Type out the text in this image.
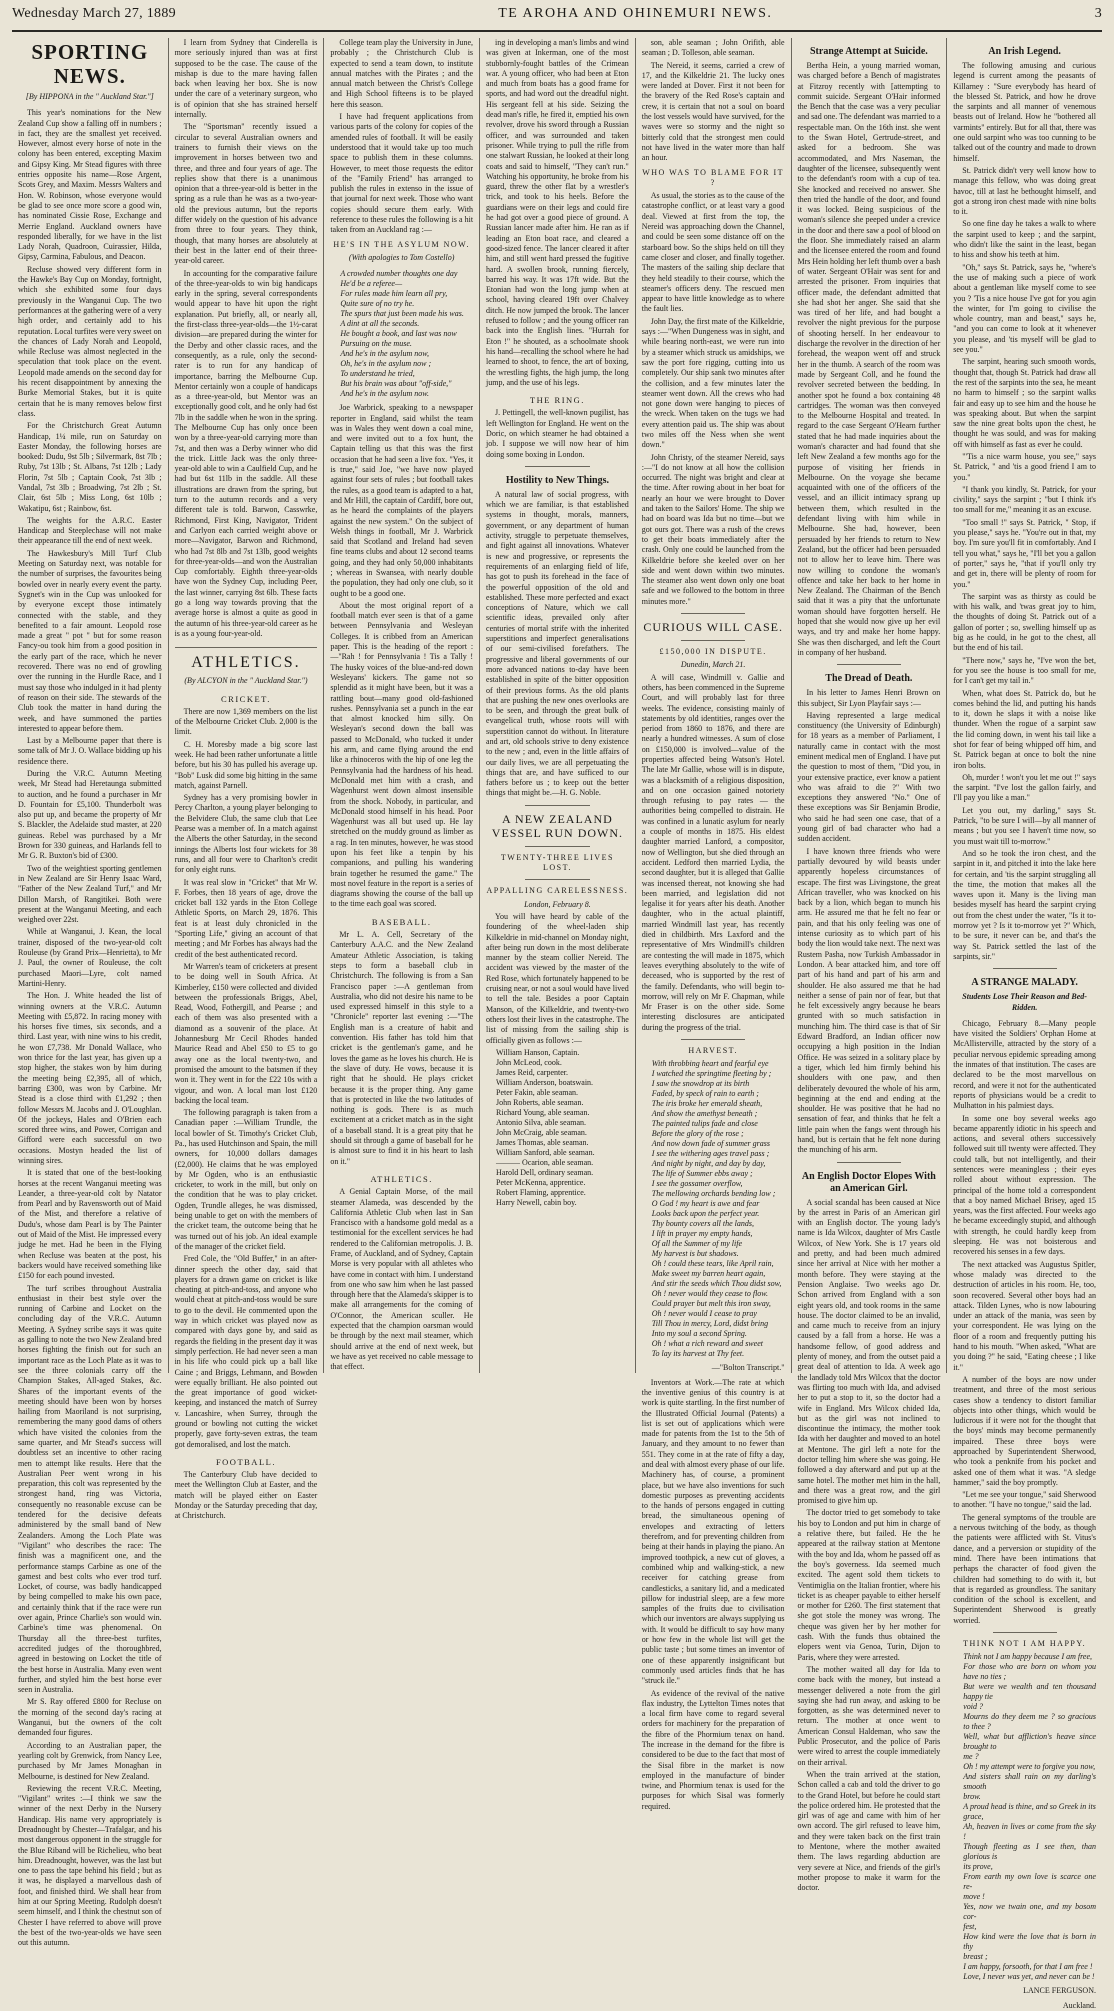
Wednesday March 27, 1889	TE AROHA AND OHINEMURI NEWS.	3
SPORTING NEWS.
[By HIPPONA in the " Auckland Star."]

This year's nominations for the New Zealand Cup show a falling off in numbers ; in fact, they are the smallest yet received. However, almost every horse of note in the colony has been entered, excepting Maxim and Gipsy King. Mr Stead figures with three entries opposite his name—Rose Argent, Scots Grey, and Maxim. Messrs Walters and Hon. W. Robinson, whose everyone would be glad to see once more score a good win, has nominated Cissie Rose, Exchange and Merrie England. Auckland owners have responded liberally, for we have in the list Lady Norah, Quadroon, Cuirassier, Hilda, Gipsy, Carmina, Fabulous, and Deacon.

Recluse showed very different form in the Hawke's Bay Cup on Monday, fortnight, which she exhibited some four days previously in the Wanganui Cup. The two performances at the gathering were of a very high order, and certainly add to his reputation. Local turfites were very sweet on the chances of Lady Norah and Leopold, while Recluse was almost neglected in the speculation that took place on the event. Leopold made amends on the second day for his recent disappointment by annexing the Burke Memorial Stakes, but it is quite certain that he is many removes below first class.

For the Christchurch Great Autumn Handicap, 1¼ mile, run on Saturday on Easter Monday, the following horses are booked: Dudu, 9st 5lb ; Silvermark, 8st 7lb ; Ruby, 7st 13lb ; St. Albans, 7st 12lb ; Lady Florin, 7st 5lb ; Captain Cook, 7st 3lb ; Vandal, 7st 3lb ; Broadwing, 7st 2lb ; St. Clair, 6st 5lb ; Miss Long, 6st 10lb ; Wakatipu, 6st ; Rainbow, 6st.

The weights for the A.R.C. Easter Handicap and Steeplechase will not make their appearance till the end of next week.

The Hawkesbury's Mill Turf Club Meeting on Saturday next, was notable for the number of surprises, the favourites being bowled over in nearly every event the party. Sygnet's win in the Cup was unlooked for by everyone except those intimately connected with the stable, and they benefited to a fair amount. Leopold rose made a great " pot " but for some reason Fancy-ou took him from a good position in the early part of the race, which he never recovered. There was no end of growling over the running in the Hurdle Race, and I must say those who indulged in it had plenty of reason on their side. The stewards of the Club took the matter in hand during the week, and have summoned the parties interested to appear before them.

Last by a Melbourne paper that there is some talk of Mr J. O. Wallace bidding up his residence there.

During the V.R.C. Autumn Meeting week, Mr Stead had Heretaunga submitted to auction, and he found a purchaser in Mr D. Fountain for £5,100. Thunderbolt was also put up, and became the property of Mr S. Blackler, the Adelaide stud master, at 220 guineas. Rebel was purchased by a Mr Brown for 330 guineas, and Harlands fell to Mr G. R. Buxton's bid of £300.

Two of the weightiest sporting gentlemen in New Zealand are Sir Henry Isaac Ward, "Father of the New Zealand Turf," and Mr Dillon Marsh, of Rangitikei. Both were present at the Wanganui Meeting, and each weighed over 22st.

While at Wanganui, J. Kean, the local trainer, disposed of the two-year-old colt Rouleuse (by Grand Prix—Henrietta), to Mr J. Paul, the owner of Rouleuse, the colt purchased Maori—Lyre, colt named Martini-Henry.

The Hon. J. White headed the list of winning owners at the V.R.C. Autumn Meeting with £5,872. In racing money with his horses five times, six seconds, and a third. Last year, with nine wins to his credit, he won £7,738. Mr Donald Wallace, who won thrice for the last year, has given up a stop higher, the stakes won by him during the meeting being £2,395, all of which, barring £300, was won by Carbine. Mr Stead is a close third with £1,292 ; then follow Messrs M. Jacobs and J. O'Loughlan. Of the jockeys, Hales and O'Brien each scored three wins, and Power, Corrigan and Gifford were each successful on two occasions. Mostyn headed the list of winning sires.

It is stated that one of the best-looking horses at the recent Wanganui meeting was Leander, a three-year-old colt by Natator from Pearl and by Ravensworth out of Maid of the Mist, and therefore a relative of Dudu's, whose dam Pearl is by The Painter out of Maid of the Mist. He impressed every judge he met. Had he been in the Flying when Recluse was beaten at the post, his backers would have received something like £150 for each pound invested.

The turf scribes throughout Australia enthusiast in their best style over the running of Carbine and Locket on the concluding day of the V.R.C. Autumn Meeting. A Sydney scribe says it was quite as galling to note the two New Zealand bred horses fighting the finish out for such an important race as the Loch Plate as it was to see the three colonials carry off the Champion Stakes, All-aged Stakes, &c. Shares of the important events of the meeting should have been won by horses hailing from Maoriland is not surprising, remembering the many good dams of others which have visited the colonies from the same quarter, and Mr Stead's success will doubtless set an incentive to other racing men to attempt like results. Here that the Australian Peer went wrong in his preparation, this colt was represented by the strongest hand, ring was Victoria, consequently no reasonable excuse can be tendered for the decisive defeats administered by the small band of New Zealanders. Among the Loch Plate was "Vigilant" who describes the race: The finish was a magnificent one, and the performance stamps Carbine as one of the gamest and best colts who ever trod turf. Locket, of course, was badly handicapped by being compelled to make his own pace, and certainly think that if the race were run over again, Prince Charlie's son would win. Carbine's time was phenomenal. On Thursday all the three-best turfites, accredited judges of the thoroughbred, agreed in bestowing on Locket the title of the best horse in Australia. Many even went further, and styled him the best horse ever seen in Australia.

Mr S. Ray offered £800 for Recluse on the morning of the second day's racing at Wanganui, but the owners of the colt demanded four figures.

According to an Australian paper, the yearling colt by Grenwick, from Nancy Lee, purchased by Mr James Monaghan in Melbourne, is destined for New Zealand.

Reviewing the recent V.R.C. Meeting, "Vigilant" writes :—I think we saw the winner of the next Derby in the Nursery Handicap. His name very appropriately is Dreadnought by Chester—Trafalgar, and his most dangerous opponent in the struggle for the Blue Riband will be Richelieu, who beat him. Dreadnought, however, was the last but one to pass the tape behind his field ; but as it was, he displayed a marvellous dash of foot, and finished third. We shall hear from him at our Spring Meeting. Rudolph doesn't seem himself, and I think the chestnut son of Chester I have referred to above will prove the best of the two-year-olds we have seen out this autumn.

I learn from Sydney that Cinderella is more seriously injured than was at first supposed to be the case. The cause of the mishap is due to the mare having fallen back when leaving her box. She is now under the care of a veterinary surgeon, who is of opinion that she has strained herself internally.

The "Sportsman" recently issued a circular to several Australian owners and trainers to furnish their views on the improvement in horses between two and three, and three and four years of age. The replies show that there is a unanimous opinion that a three-year-old is better in the spring as a rule than he was as a two-year-old the previous autumn, but the reports differ widely on the question of his advance from three to four years. They think, though, that many horses are absolutely at their best in the latter end of their three-year-old career.

In accounting for the comparative failure of the three-year-olds to win big handicaps early in the spring, several correspondents would appear to have hit upon the right explanation. Put briefly, all, or nearly all, the first-class three-year-olds—the 1½-carat division—are prepared during the winter for the Derby and other classic races, and the consequently, as a rule, only the second-rater is to run for any handicap of importance, barring the Melbourne Cup. Mentor certainly won a couple of handicaps as a three-year-old, but Mentor was an exceptionally good colt, and he only had 6st 7lb in the saddle when he won in the spring. The Melbourne Cup has only once been won by a three-year-old carrying more than 7st, and then was a Derby winner who did the trick. Little Jack was the only three-year-old able to win a Caulfield Cup, and he had but 6st 11lb in the saddle. All these illustrations are drawn from the spring, but turn to the autumn records and a very different tale is told. Barwon, Casswrke, Richmond, First King, Navigator, Trident and Carlyon each carried weight above or more—Navigator, Barwon and Richmond, who had 7st 8lb and 7st 13lb, good weights for three-year-olds—and won the Australian Cup comfortably. Eighth three-year-olds have won the Sydney Cup, including Peer, the last winner, carrying 8st 6lb. These facts go a long way towards proving that the average horse is almost a quite as good in the autumn of his three-year-old career as he is as a young four-year-old.

ATHLETICS.
(By ALCYON in the " Auckland Star.")
CRICKET.

There are now 1,369 members on the list of the Melbourne Cricket Club. 2,000 is the limit.

C. H. Moresby made a big score last week. He had been rather unfortunate a little before, but his 30 has pulled his average up. "Bob" Lusk did some big hitting in the same match, against Parnell.

Sydney has a very promising bowler in Percy Charlton, a young player belonging to the Belvidere Club, the same club that Lee Pearse was a member of. In a match against the Alberts the other Saturday, in the second innings the Alberts lost four wickets for 38 runs, and all four were to Charlton's credit for only eight runs.

It was real slow in "Cricket" that Mr W. F. Forbes, then 18 years of age, drove the cricket ball 132 yards in the Eton College Athletic Sports, on March 29, 1876. This feat is at least duly chronicled in the "Sporting Life," giving an account of that meeting ; and Mr Forbes has always had the credit of the best authenticated record.

Mr Warren's team of cricketers at present to be doing well in South Africa. At Kimberley, £150 were collected and divided between the professionals Briggs, Abel, Read, Wood, Fothergill, and Pearse ; and each of them was also presented with a diamond as a souvenir of the place. At Johannesburg Mr Cecil Rhodes handed Maurice Read and Abel £50 to £5 to go away one as the local twenty-two, and promised the amount to the batsmen if they won it. They went in for the £22 10s with a vigour, and won. A local man lost £120 backing the local team.

The following paragraph is taken from a Canadian paper :—William Trundle, the local bowler of St. Timothy's Cricket Club, Pa., has used Hutchinson and Spain, the mill owners, for 10,000 dollars damages (£2,000). He claims that he was employed by Mr Ogden, who is an enthusiastic cricketer, to work in the mill, but only on the condition that he was to play cricket. Ogden, Trundle alleges, he was dismissed, being unable to get on with the members of the cricket team, the outcome being that he was turned out of his job. An ideal example of the manager of the cricket field.

Fred Cole, the "Old Buffer," in an after-dinner speech the other day, said that players for a drawn game on cricket is like cheating at pitch-and-toss, and anyone who would cheat at pitch-and-toss would be sure to go to the devil. He commented upon the way in which cricket was played now as compared with days gone by, and said as regards the fielding in the present day it was simply perfection. He had never seen a man in his life who could pick up a ball like Caine ; and Briggs, Lehmann, and Bowden were equally brilliant. He also pointed out the great importance of good wicket-keeping, and instanced the match of Surrey v. Lancashire, when Surrey, through the ground or bowling not cutting the wicket properly, gave forty-seven extras, the team got demoralised, and lost the match.

FOOTBALL.

The Canterbury Club have decided to meet the Wellington Club at Easter, and the match will be played either on Easter Monday or the Saturday preceding that day, at Christchurch.

College team play the University in June, probably ; the Christchurch Club is expected to send a team down, to institute annual matches with the Pirates ; and the annual match between the Christ's College and High School fifteens is to be played here this season.

I have had frequent applications from various parts of the colony for copies of the amended rules of football. It will be easily understood that it would take up too much space to publish them in these columns. However, to meet those requests the editor of the "Family Friend" has arranged to publish the rules in extenso in the issue of that journal for next week. Those who want copies should secure them early. With reference to these rules the following is a hit taken from an Auckland rag :—

HE'S IN THE ASYLUM NOW.
(With apologies to Tom Costello)
A crowded number thoughts one day
He'd be a referee—
For rules made him learn all pry,
Quite sure of no try he.
The spurs that just been made his was.
A dint at all the seconds.
He bought a book, and last was now
Pursuing on the muse.
And he's in the asylum now,
Oh, he's in the asylum now ;
To understand he tried,
But his brain was about "off-side,"
And he's in the asylum now.

Joe Warbrick, speaking to a newspaper reporter in England, said whilst the team was in Wales they went down a coal mine, and were invited out to a fox hunt, the Captain telling us that this was the first occasion that he had seen a live fox. "Yes, it is true," said Joe, "we have now played against four sets of rules ; but football takes the rules, as a good team is adapted to a hat, and Mr Hill, the captain of Cardiff, bore out, as he heard the complaints of the players against the new system." On the subject of Welsh things in football, Mr J. Warbrick said that Scotland and Ireland had seven fine teams clubs and about 12 second teams going, and they had only 50,000 inhabitants ; whereas in Swansea, with nearly double the population, they had only one club, so it ought to be a good one.

About the most original report of a football match ever seen is that of a game between Pennsylvania and Wesleyan Colleges. It is cribbed from an American paper. This is the heading of the report :—"Rah ! for Pennsylvania ! Tis a Tally ! The husky voices of the blue-and-red down Wesleyans' kickers. The game not so splendid as it might have been, but it was a rattling bout—many good old-fashioned rushes. Pennsylvania set a punch in the ear that almost knocked him silly. On Wesleyan's second down the ball was passed to McDonald, who tucked it under his arm, and came flying around the end like a rhinoceros with the hip of one leg the Pennsylvania had the hardness of his head. McDonald met him with a crash, and Wagenhurst went down almost insensible from the shock. Nobody, in particular, and McDonald stood himself in his head. Poor Wagenhurst was all but used up. He lay stretched on the muddy ground as limber as a rag. In ten minutes, however, he was stood upon his feet like a tenpin by his companions, and pulling his wandering brain together he resumed the game." The most novel feature in the report is a series of diagrams showing the course of the ball up to the time each goal was scored.

BASEBALL.

Mr L. A. Cell, Secretary of the Canterbury A.A.C. and the New Zealand Amateur Athletic Association, is taking steps to form a baseball club in Christchurch. The following is from a San Francisco paper :—A gentleman from Australia, who did not desire his name to be used expressed himself in this style to a "Chronicle" reporter last evening :—"The English man is a creature of habit and convention. His father has told him that cricket is the gentleman's game, and he loves the game as he loves his church. He is the slave of duty. He vows, because it is right that he should. He plays cricket because it is the proper thing. Any game that is protected in like the two latitudes of nothing is gods. There is as much excitement at a cricket match as in the sight of a baseball stand. It is a great pity that he should sit through a game of baseball for he is almost sure to find it in his heart to lash on it."

ATHLETICS.

A Genial Captain Morse, of the mail steamer Alameda, was descended by the California Athletic Club when last in San Francisco with a handsome gold medal as a testimonial for the excellent services he had rendered to the Californian metropolis. J. B. Frame, of Auckland, and of Sydney, Captain Morse is very popular with all athletes who have come in contact with him. I understand from one who saw him when he last passed through here that the Alameda's skipper is to make all arrangements for the coming of O'Connor, the American sculler. He expected that the champion oarsman would be through by the next mail steamer, which should arrive at the end of next week, but we have as yet received no cable message to that effect.

ing in developing a man's limbs and wind was given at Inkerman, one of the most stubbornly-fought battles of the Crimean war. A young officer, who had been at Eton and much from boats has a good frame for sports, and had word out the dreadful night. His sergeant fell at his side. Seizing the dead man's rifle, he fired it, emptied his own revolver, drove his sword through a Russian officer, and was surrounded and taken prisoner. While trying to pull the rifle from one stalwart Russian, he looked at their long coats and said to himself, "They can't run." Watching his opportunity, he broke from his guard, threw the other flat by a wrestler's trick, and took to his heels. Before the guardians were on their legs and could fire he had got over a good piece of ground. A Russian lancer made after him. He ran as if leading an Eton boat race, and cleared a good-sized fence. The lancer cleared it after him, and still went hard pressed the fugitive hard. A swollen brook, running fiercely, barred his way. It was 17ft wide. But the Etonian had won the long jump when at school, having cleared 19ft over Chalvey ditch. He now jumped the brook. The lancer refused to follow ; and the young officer ran back into the English lines. "Hurrah for Eton !" he shouted, as a schoolmate shook his hand—recalling the school where he had learned to shoot, to fence, the art of boxing, the wrestling fights, the high jump, the long jump, and the use of his legs.

THE RING.

J. Pettingell, the well-known pugilist, has left Wellington for England. He went on the Doric, on which steamer he had obtained a job. I suppose we will now hear of him doing some boxing in London.

Hostility to New Things.

A natural law of social progress, with which we are familiar, is that established systems in thought, morals, manners, government, or any department of human activity, struggle to perpetuate themselves, and fight against all innovations. Whatever is new and progressive, or represents the requirements of an enlarging field of life, has got to push its forehead in the face of the powerful opposition of the old and established. These more perfected and exact conceptions of Nature, which we call scientific ideas, prevailed only after centuries of mortal strife with the inherited superstitions and imperfect generalisations of our semi-civilised forefathers. The progressive and liberal governments of our more advanced nations to-day have been established in spite of the bitter opposition of their previous forms. As the old plants that are pushing the new ones overlooks are to be seen, and through the great bulk of evangelical truth, whose roots will with superstition cannot do without. In literature and art, old schools strive to deny existence to the new ; and, even in the little affairs of our daily lives, we are all perpetuating the things that are, and have sufficed to our fathers before us ; to keep out the better things that might be.—H. G. Noble.

A NEW ZEALAND VESSEL RUN DOWN.
TWENTY-THREE LIVES LOST.
APPALLING CARELESSNESS.
London, February 8.

You will have heard by cable of the foundering of the wheel-laden ship Kilkeldrie in mid-channel on Monday night, after being run down in the most deliberate manner by the steam collier Nereid. The accident was viewed by the master of the Red Rose, which fortunately happened to be cruising near, or not a soul would have lived to tell the tale. Besides a poor Captain Manson, of the Kilkeldrie, and twenty-two others lost their lives in the catastrophe. The list of missing from the sailing ship is officially given as follows :—

William Hanson, Captain.
John McLeod, cook.
James Reid, carpenter.
William Anderson, boatswain.
Peter Fakin, able seaman.
John Roberts, able seaman.
Richard Young, able seaman.
Antonio Silva, able seaman.
John McCraig, able seaman.
James Thomas, able seaman.
William Sanford, able seaman.
——— Ocarion, able seaman.
Harold Dell, ordinary seaman.
Peter McKenna, apprentice.
Robert Flaming, apprentice.
Harry Newell, cabin boy.

son, able seaman ; John Orifith, able seaman ; D. Tolleson, able seaman.

The Nereid, it seems, carried a crew of 17, and the Kilkeldrie 21. The lucky ones were landed at Dover. First it not been for the bravery of the Red Rose's captain and crew, it is certain that not a soul on board the lost vessels would have survived, for the waves were so stormy and the night so bitterly cold that the strongest men could not have lived in the water more than half an hour.

WHO WAS TO BLAME FOR IT ?

As usual, the stories as to the cause of the catastrophe conflict, or at least vary a good deal. Viewed at first from the top, the Nereid was approaching down the Channel, and could be seen some distance off on the starboard bow. So the ships held on till they came closer and closer, and finally together. The masters of the sailing ship declare that they held steadily to their course, which the steamer's officers deny. The rescued men appear to have little knowledge as to where the fault lies.

John Day, the first mate of the Kilkeldrie, says :—"When Dungeness was in sight, and while bearing north-east, we were run into by a steamer which struck us amidships, we saw the port fore rigging, cutting into us completely. Our ship sank two minutes after the collision, and a few minutes later the steamer went down. All the crews who had not gone down were hanging to pieces of the wreck. When taken on the tugs we had every attention paid us. The ship was about two miles off the Ness when she went down."

John Christy, of the steamer Nereid, says :—"I do not know at all how the collision occurred. The night was bright and clear at the time. After rowing about in her boat for nearly an hour we were brought to Dover and taken to the Sailors' Home. The ship we had on board was Ida but no time—but we got ours got. There was a rush of the crews to get their boats immediately after the crash. Only one could be launched from the Kilkeldrie before she keeled over on her side and went down within two minutes. The steamer also went down only one boat safe and we followed to the bottom in three minutes more."

CURIOUS WILL CASE.
£150,000 IN DISPUTE.
Dunedin, March 21.

A will case, Windmill v. Gallie and others, has been commenced in the Supreme Court, and will probably last for three weeks. The evidence, consisting mainly of statements by old identities, ranges over the period from 1860 to 1876, and there are nearly a hundred witnesses. A sum of close on £150,000 is involved—value of the properties affected being Watson's Hotel. The late Mr Gallie, whose will is in dispute, was a blacksmith of a religious disposition, and on one occasion gained notoriety through refusing to pay rates — the authorities being compelled to distrain. He was confined in a lunatic asylum for nearly a couple of months in 1875. His eldest daughter married Lanford, a compositor, now of Wellington, but she died through an accident. Ledford then married Lydia, the second daughter, but it is alleged that Gallie was incensed thereat, not knowing she had been married, and legislation did not legalise it for years after his death. Another daughter, who in the actual plaintiff, married Windmill last year, has recently died in childbirth. Mrs Laxford and the representative of Mrs Windmill's children are contesting the will made in 1875, which leaves everything absolutely to the wife of deceased, who is supported by the rest of the family. Defendants, who will begin to-morrow, will rely on Mr F. Chapman, while Mr Fraser is on the other side. Some interesting disclosures are anticipated during the progress of the trial.

HARVEST.
With throbbing heart and fearful eye
I watched the springtime fleeting by ;
I saw the snowdrop at its birth
Faded, by speck of rain to earth ;
The iris broke her emerald sheath,
And show the amethyst beneath ;
The painted tulips fade and close
Before the glory of the rose ;
And now down fade of summer grass
I see the withering ages travel pass ;
And night by night, and day by day,
The life of Summer ebbs away ;
I see the gossamer overflow,
The mellowing orchards bending low ;
O God ! my heart is awe and fear
Looks back upon the perfect year.
Thy bounty covers all the lands,
I lift in prayer my empty hands,
Of all the Summer of my life
My harvest is but shadows.
Oh ! could these tears, like April rain,
Make sweet my barren heart again,
And stir the seeds which Thou didst sow,
Oh ! never would they cease to flow.
Could prayer but melt this iron sway,
Oh ! never would I cease to pray
Till Thou in mercy, Lord, didst bring
Into my soul a second Spring.
Oh ! what a rich reward and sweet
To lay its harvest at Thy feet.
—"Bolton Transcript."

Inventors at Work.—The rate at which the inventive genius of this country is at work is quite startling. In the first number of the Illustrated Official Journal (Patents) a list is set out of applications which were made for patents from the 1st to the 5th of January, and they amount to no fewer than 551. They come in at the rate of fifty a day, and deal with almost every phase of our life. Machinery has, of course, a prominent place, but we have also inventions for such domestic purposes as preventing accidents to the hands of persons engaged in cutting bread, the simultaneous opening of envelopes and extracting of letters therefrom, and for preventing children from being at their hands in playing the piano. An improved toothpick, a new cut of gloves, a combined whip and walking-stick, a new receiver for catching grease from candlesticks, a sanitary lid, and a medicated pillow for industrial sleep, are a few more samples of the fruits due to civilisation which our inventors are always supplying us with. It would be difficult to say how many or how few in the whole list will get the public taste ; but some times an inventor of one of these apparently insignificant but commonly used articles finds that he has "struck ile."

As evidence of the revival of the native flax industry, the Lyttelton Times notes that a local firm have come to regard several orders for machinery for the preparation of the fibre of the Phormium tenax on hand. The increase in the demand for the fibre is considered to be due to the fact that most of the Sisal fibre in the market is now employed in the manufacture of binder twine, and Phormium tenax is used for the purposes for which Sisal was formerly required.

Strange Attempt at Suicide.

Bertha Hein, a young married woman, was charged before a Bench of magistrates at Fitzroy recently with [attempting to commit suicide. Sergeant O'Hair informed the Bench that the case was a very peculiar and sad one. The defendant was married to a respectable man. On the 16th inst. she went to the Swan Hotel, Gertrude-street, and asked for a bedroom. She was accommodated, and Mrs Naseman, the daughter of the licensee, subsequently went to the defendant's room with a cup of tea. She knocked and received no answer. She then tried the handle of the door, and found it was locked. Being suspicious of the woman's silence she peeped under a crevice in the door and there saw a pool of blood on the floor. She immediately raised an alarm and the licensee entered the room and found Mrs Hein holding her left thumb over a bash of water. Sergeant O'Hair was sent for and arrested the prisoner. From inquiries that officer made, the defendant admitted that she had shot her anger. She said that she was tired of her life, and had bought a revolver the night previous for the purpose of shooting herself. In her endeavour to discharge the revolver in the direction of her forehead, the weapon went off and struck her in the thumb. A search of the room was made by Sergeant Coll, and he found the revolver secreted between the bedding. In another spot he found a box containing 48 cartridges. The woman was then conveyed to the Melbourne Hospital and treated. In regard to the case Sergeant O'Hearn further stated that he had made inquiries about the woman's character and had found that she left New Zealand a few months ago for the purpose of visiting her friends in Melbourne. On the voyage she became acquainted with one of the officers of the vessel, and an illicit intimacy sprang up between them, which resulted in the defendant living with him while in Melbourne. She had, however, been persuaded by her friends to return to New Zealand, but the officer had been persuaded not to allow her to leave him. There was now willing to condone the woman's offence and take her back to her home in New Zealand. The Chairman of the Bench said that it was a pity that the unfortunate woman should have forgotten herself. He hoped that she would now give up her evil ways, and try and make her home happy. She was then discharged, and left the Court in company of her husband.

The Dread of Death.

In his letter to James Henri Brown on this subject, Sir Lyon Playfair says :—

Having represented a large medical constituency (the University of Edinburgh) for 18 years as a member of Parliament, I naturally came in contact with the most eminent medical men of England. I have put the question to most of them, "Did you, in your extensive practice, ever know a patient who was afraid to die ?" With two exceptions they answered "No." One of these exceptions was Sir Benjamin Brodie, who said he had seen one case, that of a young girl of bad character who had a sudden accident.

I have known three friends who were partially devoured by wild beasts under apparently hopeless circumstances of escape. The first was Livingstone, the great African traveller, who was knocked on his back by a lion, which began to munch his arm. He assured me that he felt no fear or pain, and that his only feeling was one of intense curiosity as to which part of his body the lion would take next. The next was Rustem Pasha, now Turkish Ambassador in London. A bear attacked him, and tore off part of his hand and part of his arm and shoulder. He also assured me that he had neither a sense of pain nor of fear, but that he felt excessively angry because he bears grunted with so much satisfaction in munching him. The third case is that of Sir Edward Bradford, an Indian officer now occupying a high position in the Indian Office. He was seized in a solitary place by a tiger, which led him firmly behind his shoulders with one paw, and then deliberately devoured the whole of his arm, beginning at the end and ending at the shoulder. He was positive that he had no sensation of fear, and thinks that he felt a little pain when the fangs went through his hand, but is certain that he felt none during the munching of his arm.

An English Doctor Elopes With an American Girl.

A social scandal has been caused at Nice by the arrest in Paris of an American girl with an English doctor. The young lady's name is Ida Wilcox, daughter of Mrs Castle Wilcox, of New York. She is 17 years old and pretty, and had been much admired since her arrival at Nice with her mother a month before. They were staying at the Pension Anglaise. Two weeks ago Dr. Schon arrived from England with a son eight years old, and took rooms in the same house. The doctor claimed to be an invalid, and came much to receive from an injury caused by a fall from a horse. He was a handsome fellow, of good address and plenty of money, and from the outset paid a great deal of attention to Ida. A week ago the landlady told Mrs Wilcox that the doctor was flirting too much with Ida, and advised her to put a stop to it, so the doctor had a wife in England. Mrs Wilcox chided Ida, but as the girl was not inclined to discontinue the intimacy, the mother took Ida with her daughter and moved to an hotel at Mentone. The girl left a note for the doctor telling him where she was going. He followed a day afterward and put up at the same hotel. The mother met him in the hall, and there was a great row, and the girl promised to give him up.

The doctor tried to get somebody to take his boy to London and put him in charge of a relative there, but failed. He the he appeared at the railway station at Mentone with the boy and Ida, whom he passed off as the boy's governess. Ida seemed much excited. The agent sold them tickets to Ventimiglia on the Italian frontier, where his ticket is as cheaper payable to either herself or mother for £260. The first statement that she got stole the money was wrong. The cheque was given her by her mother for cash. With the funds thus obtained the elopers went via Genoa, Turin, Dijon to Paris, where they were arrested.

The mother waited all day for Ida to come back with the money, but instead a messenger delivered a note from the girl saying she had run away, and asking to be forgotten, as she was determined never to return. The mother at once went to American Consul Haldeman, who saw the Public Prosecutor, and the police of Paris were wired to arrest the couple immediately on their arrival.

When the train arrived at the station, Schon called a cab and told the driver to go to the Grand Hotel, but before he could start the police ordered him. He protested that the girl was of age and came with him of her own accord. The girl refused to leave him, and they were taken back on the first train to Mentone, where the mother awaited them. The laws regarding abduction are very severe at Nice, and friends of the girl's mother propose to make it warm for the doctor.

An Irish Legend.

The following amusing and curious legend is current among the peasants of Killarney : "Sure everybody has heard of the blessed St. Patrick, and how he drove the sarpints and all manner of venemous beasts out of Ireland. How he "bothered all varmints" entirely. But for all that, there was one ould sarpint who was too cunning to be talked out of the country and made to drown himself.

St. Patrick didn't very well know how to manage this fellow, who was doing great havoc, till at last he bethought himself, and got a strong iron chest made with nine bolts to it.

So one fine day he takes a walk to where the sarpint used to keep ; and the sarpint, who didn't like the saint in the least, began to hiss and show his teeth at him.

"Oh," says St. Patrick, says he, "where's the use of making such a piece of work about a gentleman like myself come to see you ? 'Tis a nice house I've got for you agin the winter, for I'm going to civilise the whole country, man and beast," says he, "and you can come to look at it whenever you please, and 'tis myself will be glad to see you."

The sarpint, hearing such smooth words, thought that, though St. Patrick had draw all the rest of the sarpints into the sea, he meant no harm to himself ; so the sarpint walks fair and easy up to see him and the house he was speaking about. But when the sarpint saw the nine great bolts upon the chest, he thought he was sould, and was for making off with himself as fast as ever he could.

"'Tis a nice warm house, you see," says St. Patrick, " and 'tis a good friend I am to you."

"I thank you kindly, St. Patrick, for your civility," says the sarpint ; "but I think it's too small for me," meaning it as an excuse.

"Too small !" says St. Patrick, " Stop, if you please," says he. "You're out in that, my boy. I'm sure you'll fit in comfortably. And I tell you what," says he, "I'll bet you a gallon of porter," says he, "that if you'll only try and get in, there will be plenty of room for you."

The sarpint was as thirsty as could be with his walk, and 'twas great joy to him, the thoughts of doing St. Patrick out of a gallon of porter ; so, swelling himself up as big as he could, in he got to the chest, all but the end of his tail.

"There now," says he, "I've won the bet, for you see the house is too small for me, for I can't get my tail in."

When, what does St. Patrick do, but he comes behind the lid, and putting his hands to it, down he slaps it with a noise like thunder. When the rogue of a sarpint saw the lid coming down, in went his tail like a shot for fear of being whipped off him, and St. Patrick began at once to bolt the nine iron bolts.

Oh, murder ! won't you let me out !" says the sarpint. "I've lost the gallon fairly, and I'll pay you like a man."

Let you out, my darling," says St. Patrick, "to be sure I will—by all manner of means ; but you see I haven't time now, so you must wait till to-morrow."

And so he took the iron chest, and the sarpint in it, and pitched it into the lake here for certain, and 'tis the sarpint struggling all the time, the motion that makes all the waves upon it. Many is the living man besides myself has heard the sarpint crying out from the chest under the water, "Is it to-morrow yet ? Is it to-morrow yet ?" Which, to be sure, it never can be, and that's the way St. Patrick settled the last of the sarpints, sir."

A STRANGE MALADY.
Students Lose Their Reason and Bed-Ridden.

Chicago, February 8.—Many people have visited the Soldiers' Orphan Home at McAllisterville, attracted by the story of a peculiar nervous epidemic spreading among the inmates of that institution. The cases are declared to be the most marvellous on record, and were it not for the authenticated reports of physicians would be a credit to Mulhatton in his palmiest days.

In some one boy several weeks ago became apparently idiotic in his speech and actions, and several others successively followed suit till twenty were affected. They could talk, but not intelligently, and their sentences were meaningless ; their eyes rolled about without expression. The principal of the home told a correspondent that a boy named Michael Brisey, aged 15 years, was the first affected. Four weeks ago he became exceedingly stupid, and although with strength, he could hardly keep from sleeping. He was not boisterous and recovered his senses in a few days.

The next attacked was Augustus Spitler, whose malady was directed to the destruction of articles in his room. He, too, soon recovered. Several other boys had an attack. Tilden Lynes, who is now labouring under an attack of the mania, was seen by your correspondent. He was lying on the floor of a room and frequently putting his hand to his mouth. "When asked, "What are you doing ?" he said, "Eating cheese ; I like it."

A number of the boys are now under treatment, and three of the most serious cases show a tendency to distort familiar objects into other things, which would be ludicrous if it were not for the thought that the boys' minds may become permanently impaired. These three boys were approached by Superintendent Sherwood, who took a penknife from his pocket and asked one of them what it was. "A sledge hammer," said the boy promptly.

"Let me see your tongue," said Sherwood to another. "I have no tongue," said the lad.

The general symptoms of the trouble are a nervous twitching of the body, as though the patients were afflicted with St. Vitus's dance, and a perversion or stupidity of the mind. There have been intimations that perhaps the character of food given the children had something to do with it, but that is regarded as groundless. The sanitary condition of the school is excellent, and Superintendent Sherwood is greatly worried.

THINK NOT I AM HAPPY.
Think not I am happy because I am free,
For those who are born on whom you have no ties ;
But were we wealth and ten thousand happy tie
void ?
Mourns do they deem me ? so gracious to thee ?
Well, what but affliction's heave since brought to
me ?
Oh ! my attempt were to forgive you now,
And sisters shall rain on my darling's smooth
brow.
A proud head is thine, and so Greek in its
grace,
Ah, heaven in lives or come from the sky !
Though fleeting as I see then, than glorious is
its prove,
From earth my own love is scarce one re-
move !
Yes, now we twain one, and my bosom cor-
fest,
How kind were the love that is born in thy
breast ;
I am happy, forsooth, for that I am free !
Love, I never was yet, and never can be !
LANCE FERGUSON.
Auckland.
